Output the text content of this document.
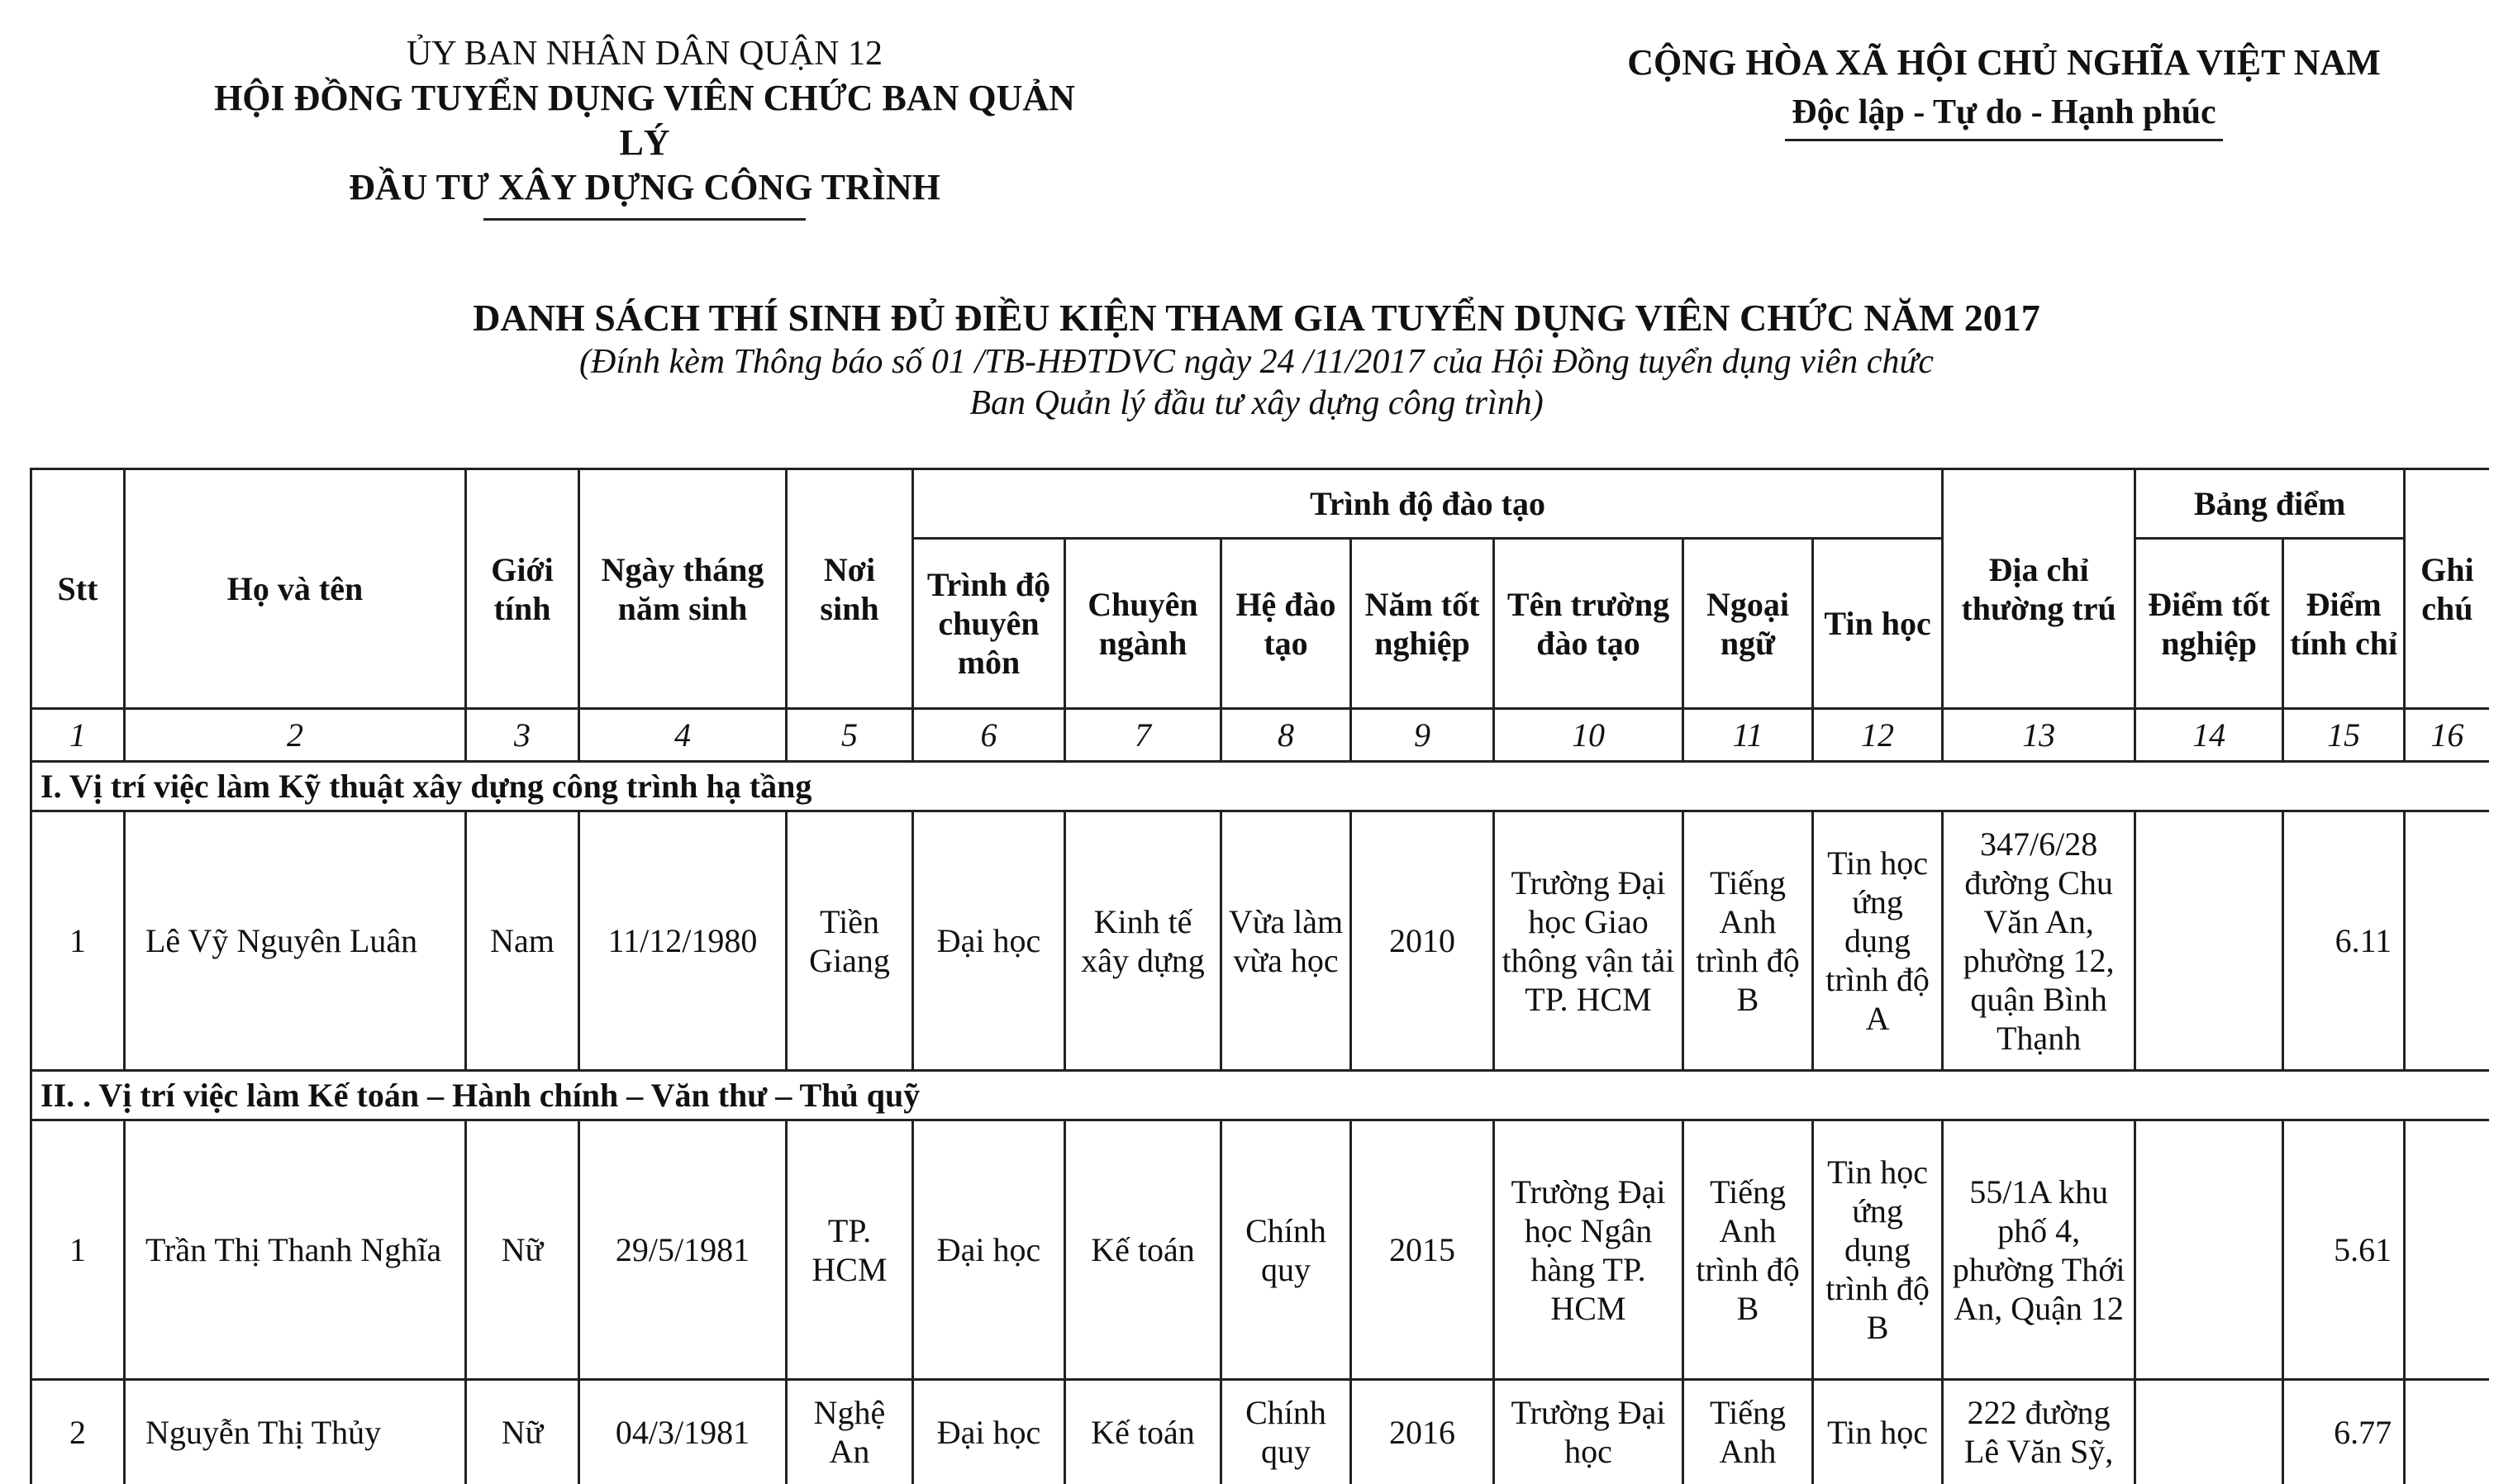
ỦY BAN NHÂN DÂN QUẬN 12
HỘI ĐỒNG TUYỂN DỤNG VIÊN CHỨC BAN QUẢN LÝ
ĐẦU TƯ XÂY DỰNG CÔNG TRÌNH
CỘNG HÒA XÃ HỘI CHỦ NGHĨA VIỆT NAM
Độc lập - Tự do - Hạnh phúc
DANH SÁCH THÍ SINH ĐỦ ĐIỀU KIỆN THAM GIA TUYỂN DỤNG VIÊN CHỨC NĂM 2017
(Đính kèm Thông báo số 01 /TB-HĐTDVC ngày 24 /11/2017 của Hội Đồng tuyển dụng viên chức
Ban Quản lý đầu tư xây dựng công trình)
Stt	Họ và tên	Giới tính	Ngày tháng năm sinh	Nơi sinh	Trình độ đào tạo							Địa chỉ thường trú	Bảng điểm		Ghi chú
					Trình độ chuyên môn	Chuyên ngành	Hệ đào tạo	Năm tốt nghiệp	Tên trường đào tạo	Ngoại ngữ	Tin học		Điểm tốt nghiệp	Điểm tính chỉ	
1	2	3	4	5	6	7	8	9	10	11	12	13	14	15	16
I. Vị trí việc làm Kỹ thuật xây dựng công trình hạ tầng															
1	Lê Vỹ Nguyên Luân	Nam	11/12/1980	Tiền Giang	Đại học	Kinh tế xây dựng	Vừa làm vừa học	2010	Trường Đại học Giao thông vận tải TP. HCM	Tiếng Anh trình độ B	Tin học ứng dụng trình độ A	347/6/28 đường Chu Văn An, phường 12, quận Bình Thạnh		6.11	
II. . Vị trí việc làm Kế toán – Hành chính – Văn thư – Thủ quỹ															
1	Trần Thị Thanh Nghĩa	Nữ	29/5/1981	TP. HCM	Đại học	Kế toán	Chính quy	2015	Trường Đại học Ngân hàng TP. HCM	Tiếng Anh trình độ B	Tin học ứng dụng trình độ B	55/1A khu phố 4, phường Thới An, Quận 12		5.61	
2	Nguyễn Thị Thủy	Nữ	04/3/1981	Nghệ An	Đại học	Kế toán	Chính quy	2016	Trường Đại học	Tiếng Anh	Tin học	222 đường Lê Văn Sỹ,		6.77	
